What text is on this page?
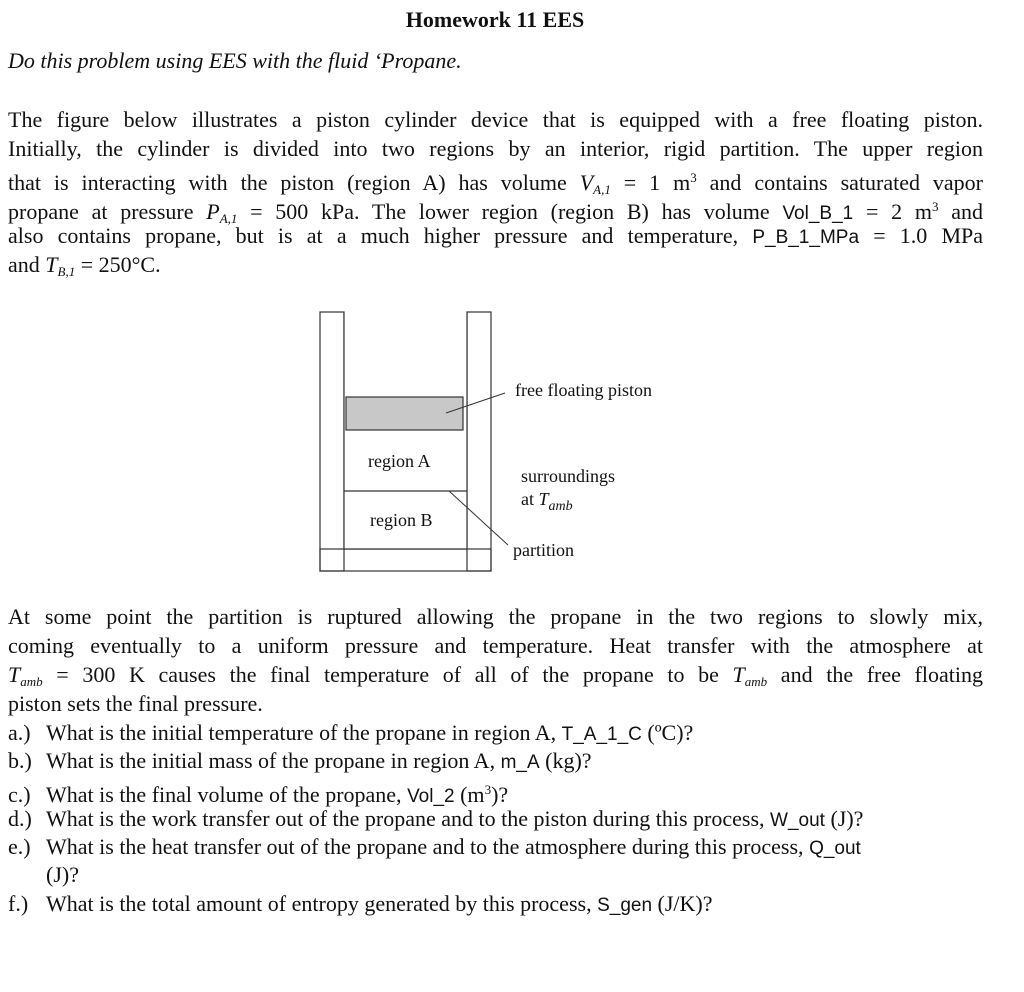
Homework 11 EES
Do this problem using EES with the fluid ‘Propane.
The figure below illustrates a piston cylinder device that is equipped with a free floating piston.
Initially, the cylinder is divided into two regions by an interior, rigid partition. The upper region
that is interacting with the piston (region A) has volume $V_{A,1} = 1$ $m^3$ and contains saturated vapor
propane at pressure $P_{A,1} = 500$ kPa. The lower region (region B) has volume Vol_B_1 = 2 $m^3$ and
also contains propane, but is at a much higher pressure and temperature, P_B_1_MPa = 1.0 MPa
and $T_{B,1} = 250^\circ C$.
free floating piston
region A
region B
surroundings
at $T_{amb}$
partition
At some point the partition is ruptured allowing the propane in the two regions to slowly mix,
coming eventually to a uniform pressure and temperature. Heat transfer with the atmosphere at
$T_{amb} = 300$ K causes the final temperature of all of the propane to be $T_{amb}$ and the free floating
piston sets the final pressure.
a.) What is the initial temperature of the propane in region A, T_A_1_C (ºC)?
b.) What is the initial mass of the propane in region A, m_A (kg)?
c.) What is the final volume of the propane, Vol_2 $(m^3)$?
d.) What is the work transfer out of the propane and to the piston during this process, W_out (J)?
e.) What is the heat transfer out of the propane and to the atmosphere during this process, Q_out
(J)?
f.) What is the total amount of entropy generated by this process, S_gen (J/K)?
